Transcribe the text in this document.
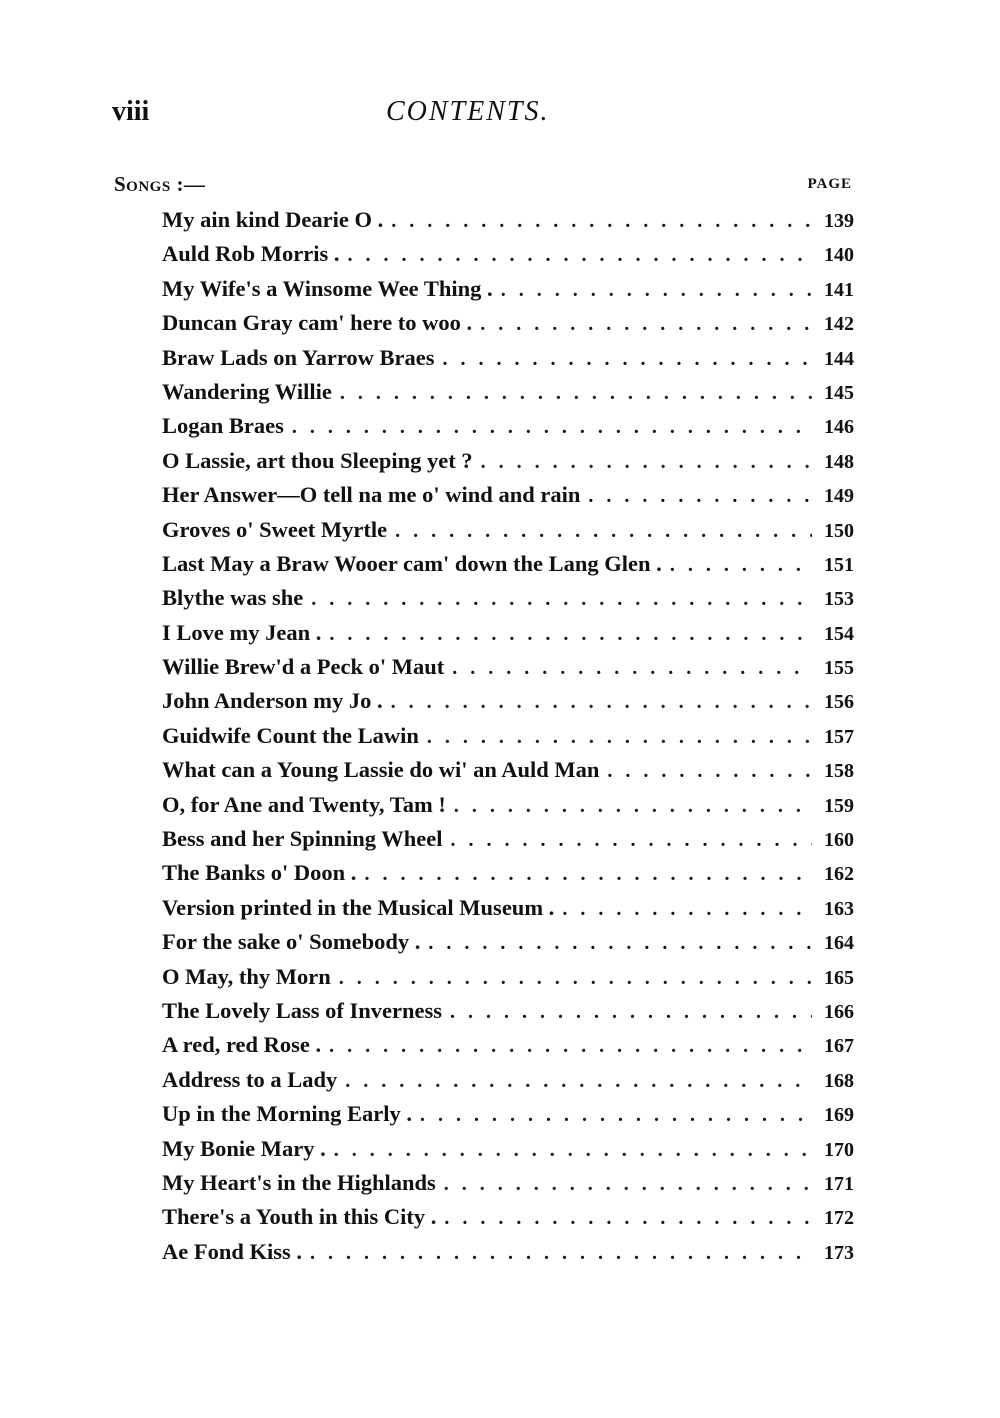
viii	CONTENTS.
Songs :—	PAGE
My ain kind Dearie O . . . .	139
Auld Rob Morris . . . .	140
My Wife's a Winsome Wee Thing . . . .	141
Duncan Gray cam' here to woo . . . .	142
Braw Lads on Yarrow Braes . . .	144
Wandering Willie . . .	145
Logan Braes . . .	146
O Lassie, art thou Sleeping yet ? . . .	148
Her Answer—O tell na me o' wind and rain . . .	149
Groves o' Sweet Myrtle . . .	150
Last May a Braw Wooer cam' down the Lang Glen . . . .	151
Blythe was she . . .	153
I Love my Jean . . . .	154
Willie Brew'd a Peck o' Maut . . .	155
John Anderson my Jo . . . .	156
Guidwife Count the Lawin . . .	157
What can a Young Lassie do wi' an Auld Man . . .	158
O, for Ane and Twenty, Tam ! . . .	159
Bess and her Spinning Wheel . . .	160
The Banks o' Doon . . . .	162
Version printed in the Musical Museum . . . .	163
For the sake o' Somebody . . . .	164
O May, thy Morn . . .	165
The Lovely Lass of Inverness . . .	166
A red, red Rose . . . .	167
Address to a Lady . . .	168
Up in the Morning Early . . . .	169
My Bonie Mary . . . .	170
My Heart's in the Highlands . . .	171
There's a Youth in this City . . . .	172
Ae Fond Kiss . . . .	173
